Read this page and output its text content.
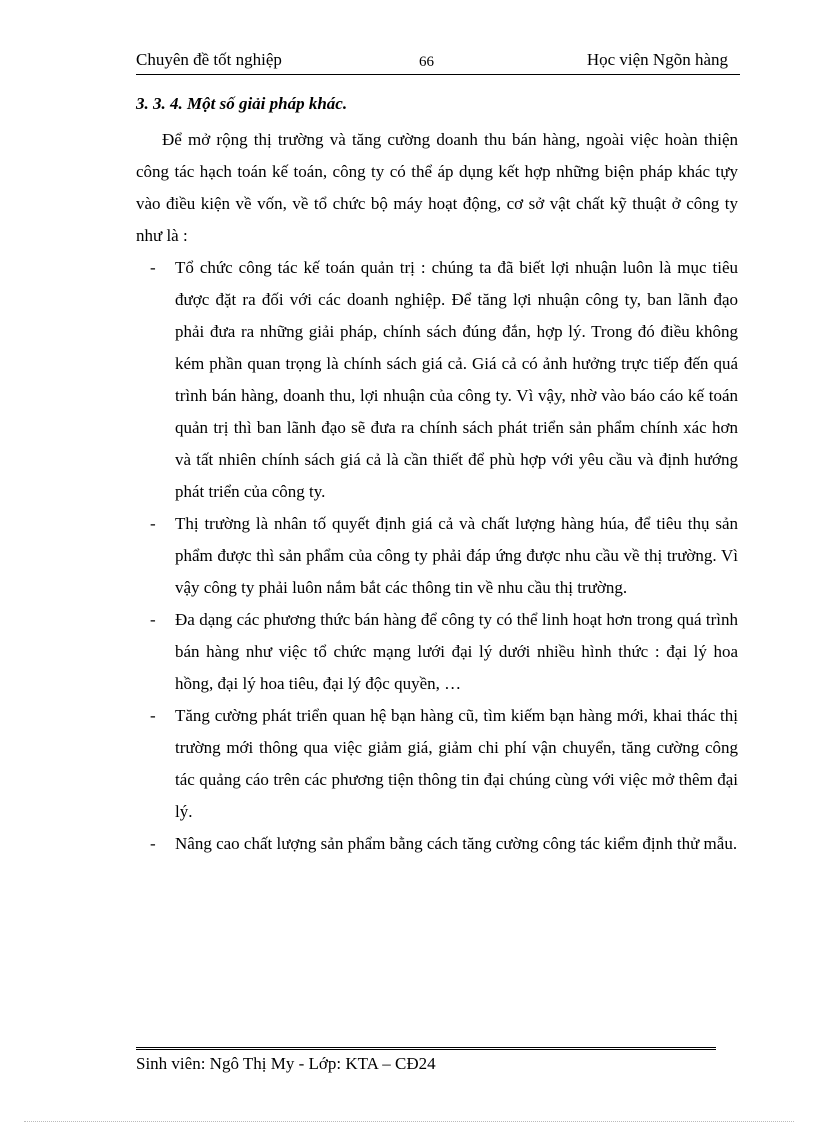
Chuyên đề tốt nghiệp	66	Học viện Ngõn hàng
3. 3. 4. Một số giải pháp khác.

Để mở rộng thị trường và tăng cường doanh thu bán hàng, ngoài việc hoàn thiện công tác hạch toán kế toán, công ty có thể áp dụng kết hợp những biện pháp khác tựy vào điều kiện về vốn, về tổ chức bộ máy hoạt động, cơ sở vật chất kỹ thuật ở công ty như là :

- Tổ chức công tác kế toán quản trị : chúng ta đã biết lợi nhuận luôn là mục tiêu được đặt ra đối với các doanh nghiệp. Để tăng lợi nhuận công ty, ban lãnh đạo phải đưa ra những giải pháp, chính sách đúng đắn, hợp lý. Trong đó điều không kém phần quan trọng là chính sách giá cả. Giá cả có ảnh hưởng trực tiếp đến quá trình bán hàng, doanh thu, lợi nhuận của công ty. Vì vậy, nhờ vào báo cáo kế toán quản trị thì ban lãnh đạo sẽ đưa ra chính sách phát triển sản phẩm chính xác hơn và tất nhiên chính sách giá cả là cần thiết để phù hợp với yêu cầu và định hướng phát triển của công ty.
- Thị trường là nhân tố quyết định giá cả và chất lượng hàng húa, để tiêu thụ sản phẩm được thì sản phẩm của công ty phải đáp ứng được nhu cầu về thị trường. Vì vậy công ty phải luôn nắm bắt các thông tin về nhu cầu thị trường.
- Đa dạng các phương thức bán hàng để công ty có thể linh hoạt hơn trong quá trình bán hàng như việc tổ chức mạng lưới đại lý dưới nhiều hình thức : đại lý hoa hồng, đại lý hoa tiêu, đại lý độc quyền, …
- Tăng cường phát triển quan hệ bạn hàng cũ, tìm kiếm bạn hàng mới, khai thác thị trường mới thông qua việc giảm giá, giảm chi phí vận chuyển, tăng cường công tác quảng cáo trên các phương tiện thông tin đại chúng cùng với việc mở thêm đại lý.
- Nâng cao chất lượng sản phẩm bằng cách tăng cường công tác kiểm định thử mẫu.
Sinh viên: Ngô Thị My - Lớp: KTA – CĐ24
